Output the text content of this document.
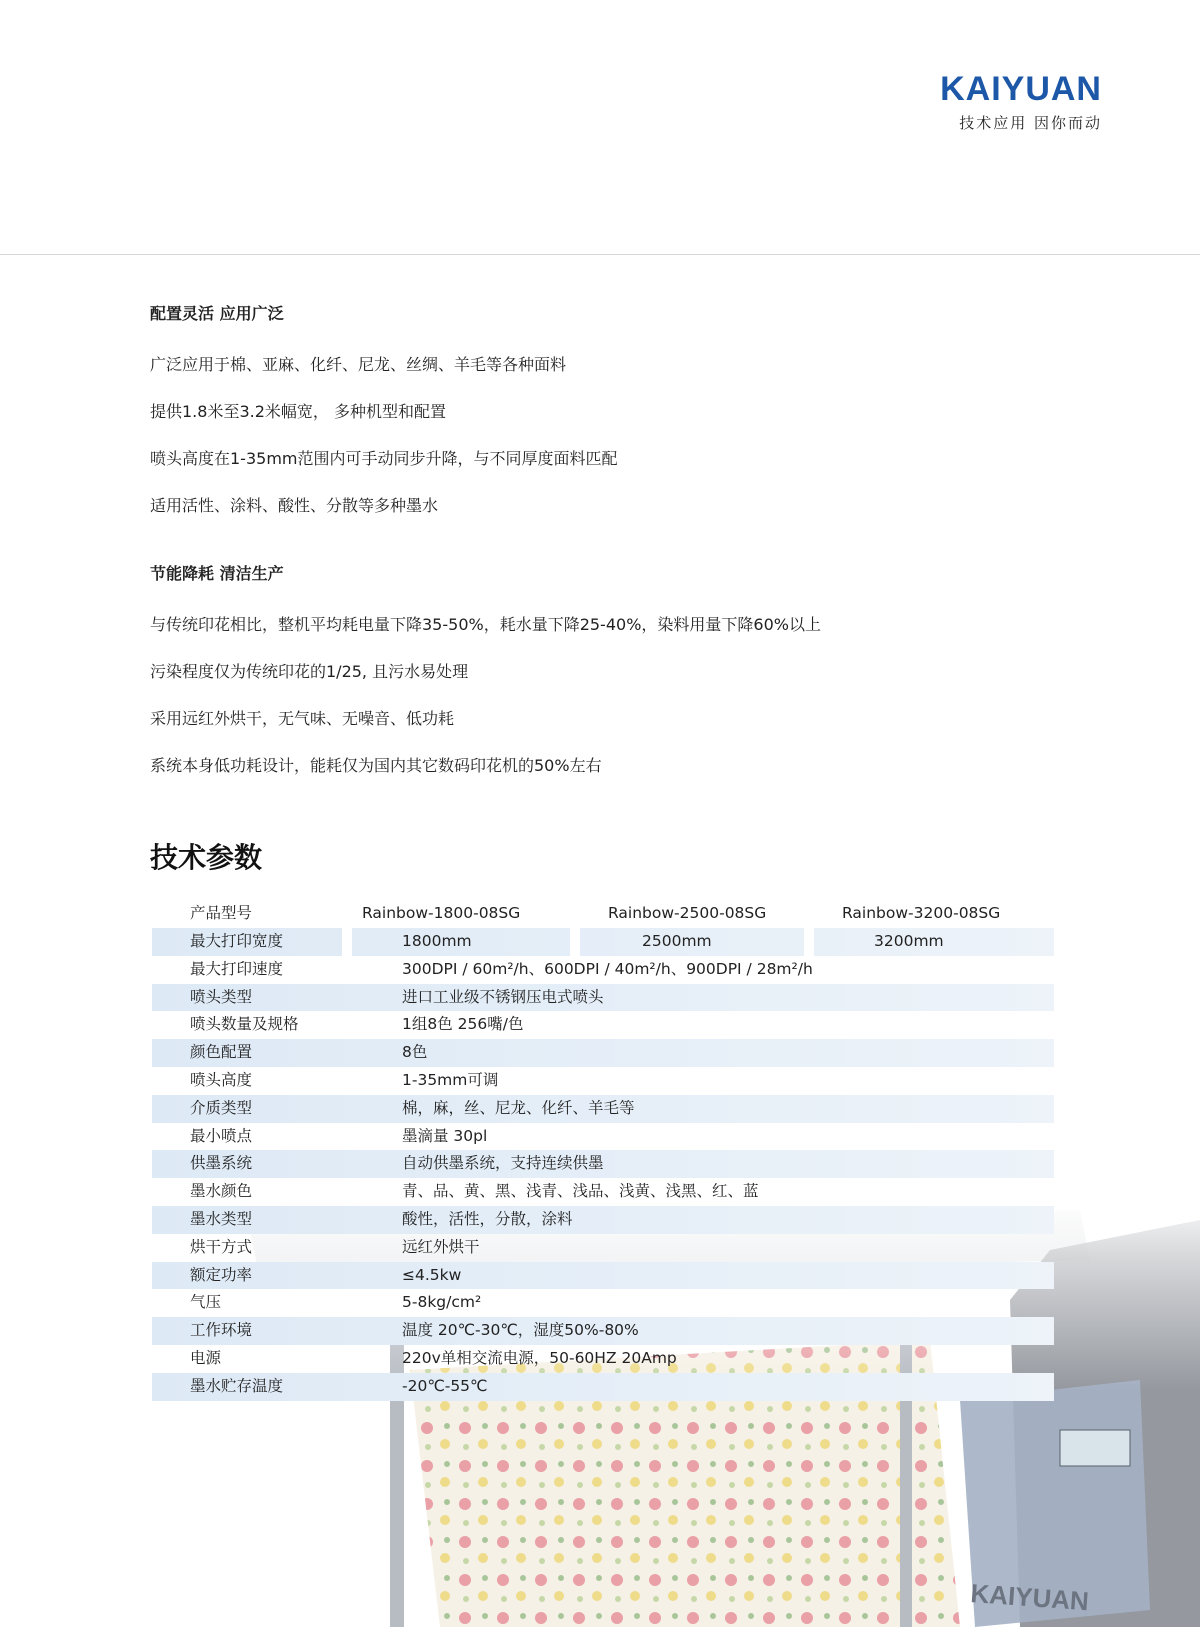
KAIYUAN
技术应用 因你而动
配置灵活 应用广泛
广泛应用于棉、亚麻、化纤、尼龙、丝绸、羊毛等各种面料
提供1.8米至3.2米幅宽， 多种机型和配置
喷头高度在1-35mm范围内可手动同步升降，与不同厚度面料匹配
适用活性、涂料、酸性、分散等多种墨水
节能降耗 清洁生产
与传统印花相比，整机平均耗电量下降35-50%，耗水量下降25-40%，染料用量下降60%以上
污染程度仅为传统印花的1/25, 且污水易处理
采用远红外烘干，无气味、无噪音、低功耗
系统本身低功耗设计，能耗仅为国内其它数码印花机的50%左右
技术参数
KAIYUAN
产品型号	Rainbow-1800-08SG	Rainbow-2500-08SG	Rainbow-3200-08SG
最大打印宽度	1800mm	2500mm	3200mm
最大打印速度	300DPI / 60m²/h、600DPI / 40m²/h、900DPI / 28m²/h
喷头类型	进口工业级不锈钢压电式喷头
喷头数量及规格	1组8色 256嘴/色
颜色配置	8色
喷头高度	1-35mm可调
介质类型	棉，麻，丝、尼龙、化纤、羊毛等
最小喷点	墨滴量 30pl
供墨系统	自动供墨系统，支持连续供墨
墨水颜色	青、品、黄、黑、浅青、浅品、浅黄、浅黑、红、蓝
墨水类型	酸性，活性，分散，涂料
烘干方式	远红外烘干
额定功率	≤4.5kw
气压	5-8kg/cm²
工作环境	温度 20℃-30℃，湿度50%-80%
电源	220v单相交流电源，50-60HZ 20Amp
墨水贮存温度	-20℃-55℃
